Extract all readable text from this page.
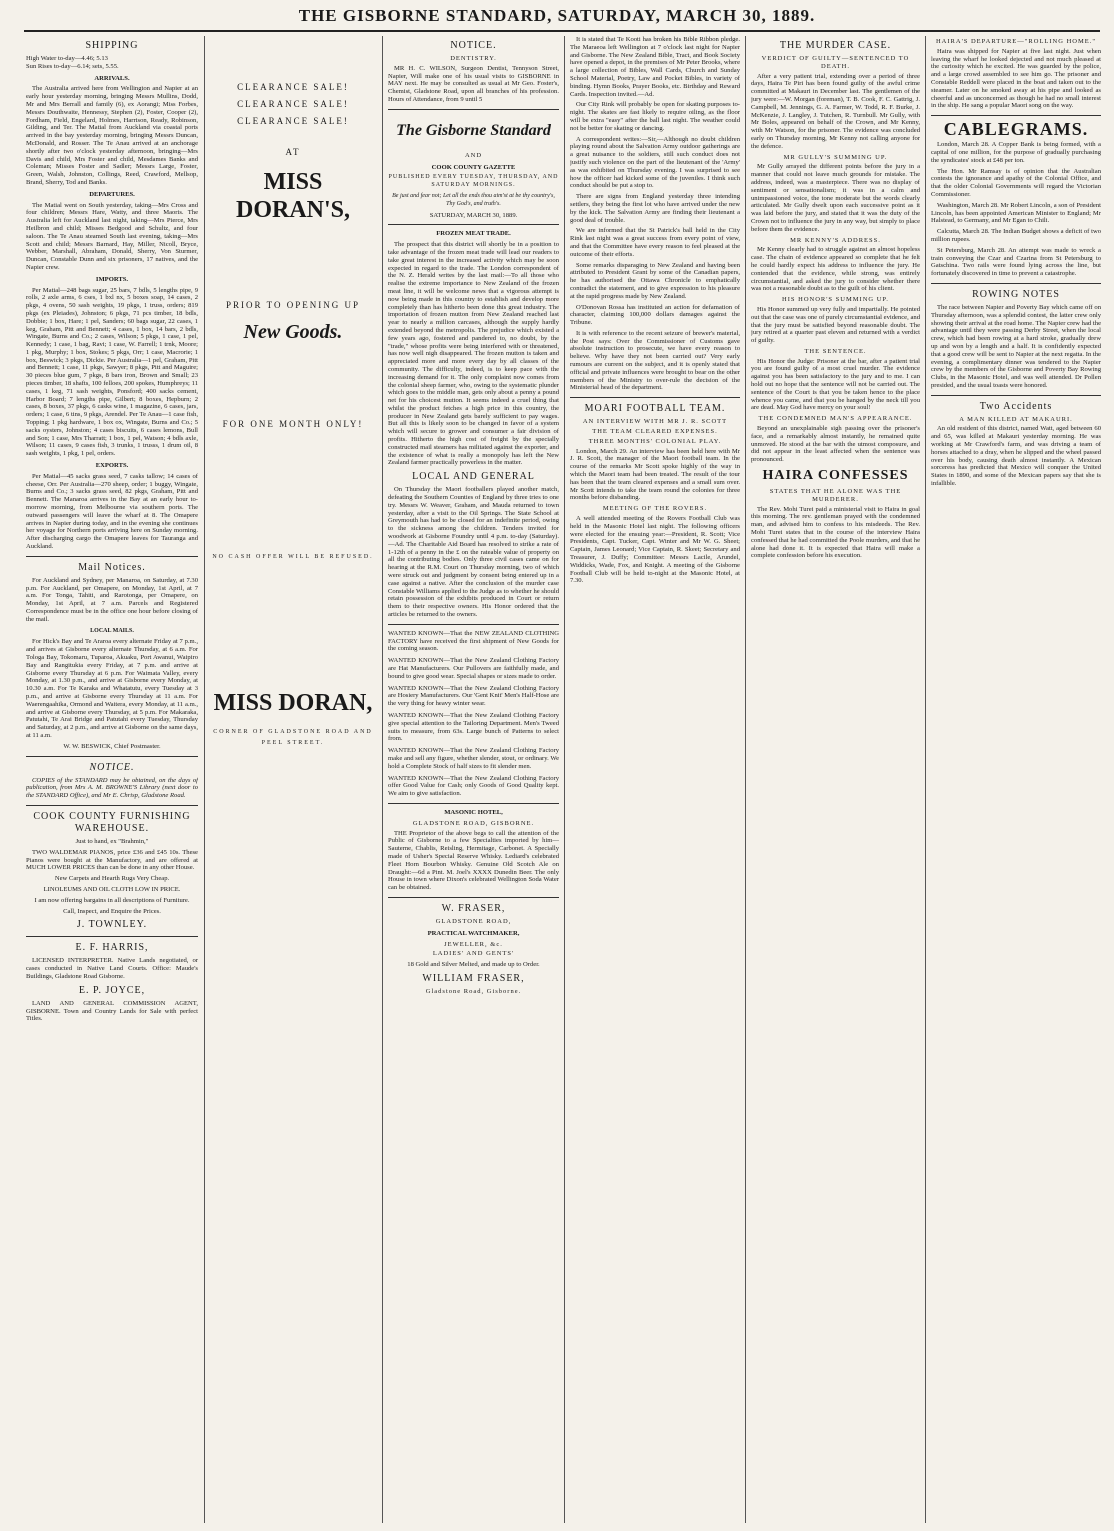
THE GISBORNE STANDARD, SATURDAY, MARCH 30, 1889.
SHIPPING
High Water to-day—4.46; 5.13
Sun Rises to-day—6.14; sets, 5.55.
ARRIVALS.

The Australia arrived here from Wellington and Napier at an early hour yesterday morning, bringing Messrs Mullins, Dodd, Mr and Mrs Berrall and family (6), ex Aorangi; Miss Forbes, Messrs Douthwaite, Hennessy, Stephen (2), Foster, Cooper (2), Fordham, Field, Engelard, Holmes, Harrison, Ready, Robinson, Gilding, and Ter. The Matial from Auckland via coastal ports arrived in the bay yesterday morning, bringing Messrs Duncan, McDonald, and Rosser. The Te Anau arrived at an anchorage shortly after two o'clock yesterday afternoon, bringing—Mrs Davis and child, Mrs Foster and child, Mesdames Banks and Coleman; Misses Foster and Sadler; Messrs Large, Foster, Green, Walsh, Johnston, Collings, Reed, Crawford, Mellsop, Brand, Sherry, Tod and Banks.

DEPARTURES.

The Matial went on South yesterday, taking—Mrs Cross and four children; Messrs Hare, Watty, and three Maoris. The Australia left for Auckland last night, taking—Mrs Pierce, Mrs Heilbron and child; Misses Bedgood and Schultz, and four saloon. The Te Anau steamed South last evening, taking—Mrs Scott and child; Messrs Barnard, Hay, Miller, Nicoll, Bryce, Webber, Marshall, Abraham, Donald, Sherry, Von Sturmer, Duncan, Constable Dunn and six prisoners, 17 natives, and the Napier crew.

IMPORTS.

Per Matial—248 bags sugar, 25 bars, 7 bdls, 5 lengths pipe, 9 rolls, 2 axle arms, 6 cses, 1 bxl nx, 5 boxes soap, 14 cases, 2 pkgs, 4 ovens, 50 sash weights, 19 pkgs, 1 truss, orders; 819 pkgs (ex Pleiades), Johnston; 6 pkgs, 71 pcs timber, 18 bdls, Dobbie; 1 box, Hare; 1 pel, Sanders; 60 bags sugar, 22 cases, 1 keg, Graham, Pitt and Bennett; 4 cases, 1 box, 14 bars, 2 bdls, Wingate, Burns and Co.; 2 cases, Wilson; 5 pkgs, 1 case, 1 pel, Kennedy; 1 case, 1 bag, Ravi; 1 case, W. Farrell; 1 trnk, Moore; 1 pkg, Murphy; 1 box, Stokes; 5 pkgs, Orr; 1 case, Macrorie; 1 box, Beswick; 3 pkgs, Dickie. Per Australia—1 pel, Graham, Pitt and Bennett; 1 case, 11 pkgs, Sawyer; 8 pkgs, Pitt and Maguire; 30 pieces blue gum, 7 pkgs, 8 bars iron, Brown and Small; 23 pieces timber, 18 shafts, 100 felloes, 200 spokes, Humphreys; 11 cases, 1 keg, 71 sash weights, Ponsford; 400 sacks cement, Harbor Board; 7 lengths pipe, Gilbert; 8 boxes, Hepburn; 2 cases, 8 boxes, 37 pkgs, 6 casks wine, 1 magazine, 6 cases, jars, orders; 1 case, 6 tins, 9 pkgs, Arendel. Per Te Anau—1 case fish, Topping; 1 pkg hardware, 1 box ox, Wingate, Burns and Co.; 5 sacks oysters, Johnston; 4 cases biscuits, 6 cases lemons, Bull and Son; 1 case, Mrs Tharratt; 1 box, 1 pel, Watson; 4 bdls axle, Wilson; 11 cases, 9 cases fish, 3 trunks, 1 trusss, 1 drum oil, 8 sash weights, 1 pkg, 1 pel, orders.

EXPORTS.

Per Matial—45 sacks grass seed, 7 casks tallow; 14 cases of cheese, Orr. Per Australia—270 sheep, order; 1 buggy, Wingate, Burns and Co.; 3 sacks grass seed, 82 pkgs, Graham, Pitt and Bennett. The Manaroa arrives in the Bay at an early hour to-morrow morning, from Melbourne via southern ports. The outward passengers will leave the wharf at 8. The Omapere arrives in Napier during today, and in the evening she continues her voyage for Northern ports arriving here on Sunday morning. After discharging cargo the Omapere leaves for Tauranga and Auckland.

Mail Notices.

For Auckland and Sydney, per Manaroa, on Saturday, at 7.30 p.m. For Auckland, per Omapere, on Monday, 1st April, at 7 a.m. For Tonga, Tahiti, and Rarotonga, per Omapere, on Monday, 1st April, at 7 a.m. Parcels and Registered Correspondence must be in the office one hour before closing of the mail.

LOCAL MAILS.

For Hick's Bay and Te Araroa every alternate Friday at 7 p.m., and arrives at Gisborne every alternate Thursday, at 6 a.m. For Tologa Bay, Tokomaru, Tuparoa, Akuaku, Port Awanui, Waipiro Bay and Rangitukia every Friday, at 7 p.m. and arrive at Gisborne every Thursday at 6 p.m. For Waimata Valley, every Monday, at 1.30 p.m., and arrive at Gisborne every Monday, at 10.30 a.m. For Te Karaka and Whatatutu, every Tuesday at 3 p.m., and arrive at Gisborne every Thursday at 11 a.m. For Waerengaahika, Ormond and Waitera, every Monday, at 11 a.m., and arrive at Gisborne every Thursday, at 5 p.m. For Makaraka, Patutahi, Te Arai Bridge and Patutahi every Tuesday, Thursday and Saturday, at 2 p.m., and arrive at Gisborne on the same days, at 11 a.m.

W. W. BESWICK, Chief Postmaster.
NOTICE.

COPIES of the STANDARD may be obtained, on the days of publication, from Mrs A. M. BROWNE'S Library (next door to the STANDARD Office), and Mr E. Chrisp, Gladstone Road.

COOK COUNTY FURNISHING WAREHOUSE.
Just to hand, ex "Brahmin,"

TWO WALDEMAR PIANOS, price £36 and £45 10s. These Pianos were bought at the Manufactory, and are offered at MUCH LOWER PRICES than can be done in any other House.

New Carpets and Hearth Rugs Very Cheap.
LINOLEUMS AND OIL CLOTH LOW IN PRICE.
I am now offering bargains in all descriptions of Furniture.
Call, Inspect, and Enquire the Prices.
J. TOWNLEY.
E. F. HARRIS,

LICENSED INTERPRETER. Native Lands negotiated, or cases conducted in Native Land Courts. Office: Maude's Buildings, Gladstone Road Gisborne.

E. P. JOYCE,

LAND AND GENERAL COMMISSION AGENT, GISBORNE. Town and Country Lands for Sale with perfect Titles.

CLEARANCE SALE!
CLEARANCE SALE!
CLEARANCE SALE!
AT
MISS DORAN'S,
PRIOR TO OPENING UP
New Goods.
FOR ONE MONTH ONLY!
NO CASH OFFER WILL BE REFUSED.
MISS DORAN,
CORNER OF GLADSTONE ROAD AND PEEL STREET.
NOTICE.
DENTISTRY.

MR H. C. WILSON, Surgeon Dentist, Tennyson Street, Napier, Will make one of his usual visits to GISBORNE in MAY next. He may be consulted as usual at Mr Geo. Foster's, Chemist, Gladstone Road, upon all branches of his profession. Hours of Attendance, from 9 until 5

The Gisborne Standard
AND
COOK COUNTY GAZETTE
PUBLISHED EVERY TUESDAY, THURSDAY, AND SATURDAY MORNINGS.
Be just and fear not; Let all the ends thou aim'st at be thy country's, Thy God's, and truth's.
SATURDAY, MARCH 30, 1889.
FROZEN MEAT TRADE.

The prospect that this district will shortly be in a position to take advantage of the frozen meat trade will lead our readers to take great interest in the increased activity which may be soon expected in regard to the trade. The London correspondent of the N. Z. Herald writes by the last mail:—To all those who realise the extreme importance to New Zealand of the frozen meat line, it will be welcome news that a vigorous attempt is now being made in this country to establish and develop more completely than has hitherto been done this great industry. The importation of frozen mutton from New Zealand reached last year to nearly a million carcases, although the supply hardly extended beyond the metropolis. The prejudice which existed a few years ago, fostered and pandered to, no doubt, by the "trade," whose profits were being interfered with or threatened, has now well nigh disappeared. The frozen mutton is taken and appreciated more and more every day by all classes of the community. The difficulty, indeed, is to keep pace with the increasing demand for it. The only complaint now comes from the colonial sheep farmer, who, owing to the systematic plunder which goes to the middle man, gets only about a penny a pound net for his choicest mutton. It seems indeed a cruel thing that whilst the product fetches a high price in this country, the producer in New Zealand gets barely sufficient to pay wages. But all this is likely soon to be changed in favor of a system which will secure to grower and consumer a fair division of profits. Hitherto the high cost of freight by the specially constructed mail steamers has militated against the exporter, and the existence of what is really a monopoly has left the New Zealand farmer practically powerless in the matter.

LOCAL AND GENERAL

On Thursday the Maori footballers played another match, defeating the Southern Counties of England by three tries to one try. Messrs W. Weaver, Graham, and Mauda returned to town yesterday, after a visit to the Oil Springs. The State School at Greymouth has had to be closed for an indefinite period, owing to the sickness among the children. Tenders invited for woodwork at Gisborne Foundry until 4 p.m. to-day (Saturday).—Ad. The Charitable Aid Board has resolved to strike a rate of 1-12th of a penny in the £ on the rateable value of property on all the contributing bodies. Only three civil cases came on for hearing at the R.M. Court on Thursday morning, two of which were struck out and judgment by consent being entered up in a case against a native. After the conclusion of the murder case Constable Williams applied to the Judge as to whether he should retain possession of the exhibits produced in Court or return them to their respective owners. His Honor ordered that the articles be returned to the owners.

WANTED KNOWN—That the NEW ZEALAND CLOTHING FACTORY have received the first shipment of New Goods for the coming season.
WANTED KNOWN—That the New Zealand Clothing Factory are Hat Manufacturers. Our Pullovers are faithfully made, and bound to give good wear. Special shapes or sizes made to order.
WANTED KNOWN—That the New Zealand Clothing Factory are Hosiery Manufacturers. Our 'Gent Knit' Men's Half-Hose are the very thing for heavy winter wear.
WANTED KNOWN—That the New Zealand Clothing Factory give special attention to the Tailoring Department. Men's Tweed suits to measure, from 63s. Large bunch of Patterns to select from.
WANTED KNOWN—That the New Zealand Clothing Factory make and sell any figure, whether slender, stout, or ordinary. We hold a Complete Stock of half sizes to fit slender men.
WANTED KNOWN—That the New Zealand Clothing Factory offer Good Value for Cash; only Goods of Good Quality kept. We aim to give satisfaction.
MASONIC HOTEL,
GLADSTONE ROAD, GISBORNE.

THE Proprietor of the above begs to call the attention of the Public of Gisborne to a few Specialties imported by him— Sauterne, Chablis, Reisling, Hermitage, Carbonet. A Specially made of Usher's Special Reserve Whisky. Lediard's celebrated Fleet Horn Bourbon Whisky. Genuine Old Scotch Ale on Draught:—6d a Pint. M. Joel's XXXX Dunedin Beer. The only House in town where Dixon's celebrated Wellington Soda Water can be obtained.

W. FRASER,
GLADSTONE ROAD,
PRACTICAL WATCHMAKER,
JEWELLER, &c.
LADIES' AND GENTS'
18 Gold and Silver Melted, and made up to Order.
WILLIAM FRASER,
Gladstone Road, Gisborne.

It is stated that Te Kooti has broken his Bible Ribbon pledge. The Maraeoa left Wellington at 7 o'clock last night for Napier and Gisborne. The New Zealand Bible, Tract, and Book Society have opened a depot, in the premises of Mr Peter Brooks, where a large collection of Bibles, Wall Cards, Church and Sunday School Material, Poetry, Law and Pocket Bibles, in variety of binding. Hymn Books, Prayer Books, etc. Birthday and Reward Cards. Inspection invited.—Ad.

Our City Rink will probably be open for skating purposes to-night. The skates are fast likely to require oiling, as the floor will be extra "easy" after the ball last night. The weather could not be better for skating or dancing.

A correspondent writes:—Sir,—Although no doubt children playing round about the Salvation Army outdoor gatherings are a great nuisance to the soldiers, still such conduct does not justify such violence on the part of the lieutenant of the 'Army' as was exhibited on Thursday evening. I was surprised to see how the officer had kicked some of the juveniles. I think such conduct should be put a stop to.

There are signs from England yesterday three intending settlers, they being the first lot who have arrived under the new by the kick. The Salvation Army are finding their lieutenant a good deal of trouble.

We are informed that the St Patrick's ball held in the City Rink last night was a great success from every point of view, and that the Committee have every reason to feel pleased at the outcome of their efforts.

Some remarks disparaging to New Zealand and having been attributed to President Grant by some of the Canadian papers, he has authorised the Ottawa Chronicle to emphatically contradict the statement, and to give expression to his pleasure at the rapid progress made by New Zealand.

O'Donovan Rossa has instituted an action for defamation of character, claiming 100,000 dollars damages against the Tribune.

It is with reference to the recent seizure of brewer's material, the Post says: Over the Commissioner of Customs gave absolute instruction to prosecute, we have every reason to believe. Why have they not been carried out? Very early rumours are current on the subject, and it is openly stated that official and private influences were brought to bear on the other members of the Ministry to over-rule the decision of the Ministerial head of the department.

MOARI FOOTBALL TEAM.
AN INTERVIEW WITH MR J. R. SCOTT
THE TEAM CLEARED EXPENSES.
THREE MONTHS' COLONIAL PLAY.

London, March 29. An interview has been held here with Mr J. R. Scott, the manager of the Maori football team. In the course of the remarks Mr Scott spoke highly of the way in which the Maori team had been treated. The result of the tour has been that the team cleared expenses and a small sum over. Mr Scott intends to take the team round the colonies for three months before disbanding.

MEETING OF THE ROVERS.

A well attended meeting of the Rovers Football Club was held in the Masonic Hotel last night. The following officers were elected for the ensuing year:—President, R. Scott; Vice Presidents, Capt. Tucker, Capt. Winter and Mr W. G. Sheet; Captain, James Leonard; Vice Captain, R. Skeet; Secretary and Treasurer, J. Duffy; Committee: Messrs Lacile, Arundel, Widdicks, Wade, Fox, and Knight. A meeting of the Gisborne Football Club will be held to-night at the Masonic Hotel, at 7.30.

THE MURDER CASE.
VERDICT OF GUILTY—SENTENCED TO DEATH.

After a very patient trial, extending over a period of three days, Haira Te Piri has been found guilty of the awful crime committed at Makauri in December last. The gentlemen of the jury were:—W. Morgan (foreman), T. B. Cook, F. C. Gattrig, J. Campbell, M. Jennings, G. A. Farmer, W. Todd, R. F. Burke, J. McKenzie, J. Langley, J. Tutchen, R. Turnbull. Mr Gully, with Mr Boles, appeared on behalf of the Crown, and Mr Kenny, with Mr Watson, for the prisoner. The evidence was concluded early on Thursday morning, Mr Kenny not calling anyone for the defence.

MR GULLY'S SUMMING UP.

Mr Gully arrayed the different points before the jury in a manner that could not leave much grounds for mistake. The address, indeed, was a masterpiece. There was no display of sentiment or sensationalism; it was in a calm and unimpassioned voice, the tone moderate but the words clearly articulated. Mr Gully dwelt upon each successive point as it was laid before the jury, and stated that it was the duty of the Crown not to influence the jury in any way, but simply to place before them the evidence.

MR KENNY'S ADDRESS.

Mr Kenny clearly had to struggle against an almost hopeless case. The chain of evidence appeared so complete that he felt he could hardly expect his address to influence the jury. He contended that the evidence, while strong, was entirely circumstantial, and asked the jury to consider whether there was not a reasonable doubt as to the guilt of his client.

HIS HONOR'S SUMMING UP.

His Honor summed up very fully and impartially. He pointed out that the case was one of purely circumstantial evidence, and that the jury must be satisfied beyond reasonable doubt. The jury retired at a quarter past eleven and returned with a verdict of guilty.

THE SENTENCE.

His Honor the Judge: Prisoner at the bar, after a patient trial you are found guilty of a most cruel murder. The evidence against you has been satisfactory to the jury and to me. I can hold out no hope that the sentence will not be carried out. The sentence of the Court is that you be taken hence to the place whence you came, and that you be hanged by the neck till you are dead. May God have mercy on your soul!

THE CONDEMNED MAN'S APPEARANCE.

Beyond an unexplainable sigh passing over the prisoner's face, and a remarkably almost instantly, he remained quite unmoved. He stood at the bar with the utmost composure, and did not appear in the least affected when the sentence was pronounced.

HAIRA CONFESSES
STATES THAT HE ALONE WAS THE MURDERER.

The Rev. Mohi Turei paid a ministerial visit to Haira in goal this morning. The rev. gentleman prayed with the condemned man, and advised him to confess to his misdeeds. The Rev. Mohi Turei states that in the course of the interview Haira confessed that he had committed the Poole murders, and that he alone had done it. It is expected that Haira will make a complete confession before his execution.

HAIRA'S DEPARTURE—"ROLLING HOME."

Haira was shipped for Napier at five last night. Just when leaving the wharf he looked dejected and not much pleased at the curiosity which he excited. He was guarded by the police, and a large crowd assembled to see him go. The prisoner and Constable Reddell were placed in the boat and taken out to the steamer. Later on he smoked away at his pipe and looked as cheerful and as unconcerned as though he had no small interest in the ship. He sang a popular Maori song on the way.

CABLEGRAMS.

London, March 28. A Copper Bank is being formed, with a capital of one million, for the purpose of gradually purchasing the syndicates' stock at £48 per ton.

The Hon. Mr Ramsay is of opinion that the Australian contests the ignorance and apathy of the Colonial Office, and that the older Colonial Governments will regard the Victorian Commissioner.

Washington, March 28. Mr Robert Lincoln, a son of President Lincoln, has been appointed American Minister to England; Mr Halstead, to Germany, and Mr Egan to Chili.

Calcutta, March 28. The Indian Budget shows a deficit of two million rupees.

St Petersburg, March 28. An attempt was made to wreck a train conveying the Czar and Czarina from St Petersburg to Gatschina. Two rails were found lying across the line, but fortunately discovered in time to prevent a catastrophe.

ROWING NOTES

The race between Napier and Poverty Bay which came off on Thursday afternoon, was a splendid contest, the latter crew only showing their arrival at the road home. The Napier crew had the advantage until they were passing Derby Street, when the local crew, which had been rowing at a hard stroke, gradually drew up and won by a length and a half. It is confidently expected that a good crew will be sent to Napier at the next regatta. In the evening, a complimentary dinner was tendered to the Napier crew by the members of the Gisborne and Poverty Bay Rowing Clubs, in the Masonic Hotel, and was well attended. Dr Pollen presided, and the usual toasts were honored.

Two Accidents
A MAN KILLED AT MAKAURI.

An old resident of this district, named Watt, aged between 60 and 65, was killed at Makauri yesterday morning. He was working at Mr Crawford's farm, and was driving a team of horses attached to a dray, when he slipped and the wheel passed over his body, causing death almost instantly. A Mexican sorceress has predicted that Mexico will conquer the United States in 1890, and some of the Mexican papers say that she is infallible.
